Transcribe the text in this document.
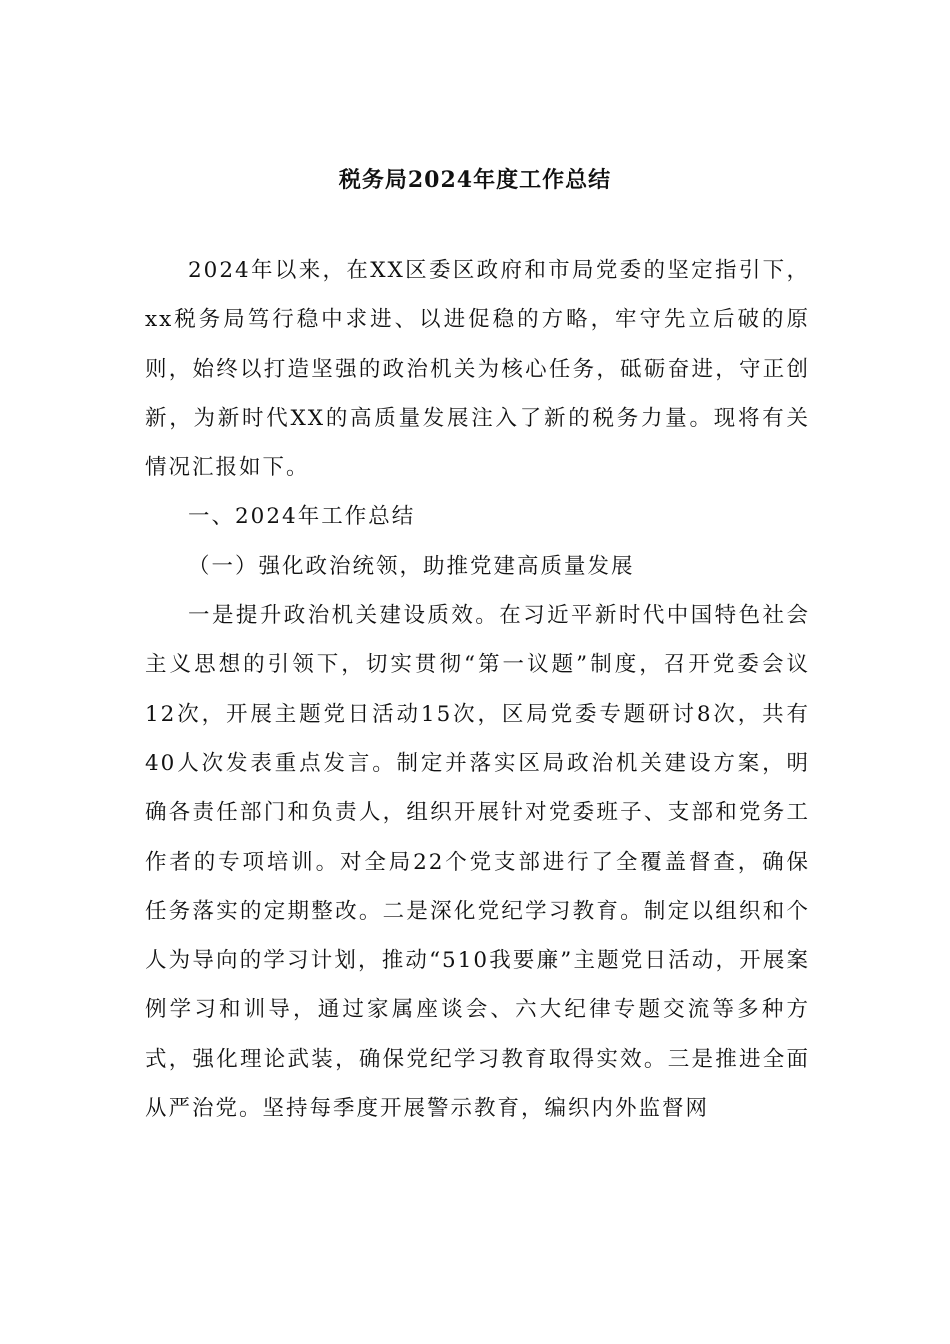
税务局2024年度工作总结

2024年以来，在XX区委区政府和市局党委的坚定指引下，xx税务局笃行稳中求进、以进促稳的方略，牢守先立后破的原则，始终以打造坚强的政治机关为核心任务，砥砺奋进，守正创新，为新时代XX的高质量发展注入了新的税务力量。现将有关情况汇报如下。

一、2024年工作总结

（一）强化政治统领，助推党建高质量发展

一是提升政治机关建设质效。在习近平新时代中国特色社会主义思想的引领下，切实贯彻“第一议题”制度，召开党委会议12次，开展主题党日活动15次，区局党委专题研讨8次，共有40人次发表重点发言。制定并落实区局政治机关建设方案，明确各责任部门和负责人，组织开展针对党委班子、支部和党务工作者的专项培训。对全局22个党支部进行了全覆盖督查，确保任务落实的定期整改。二是深化党纪学习教育。制定以组织和个人为导向的学习计划，推动“510我要廉”主题党日活动，开展案例学习和训导，通过家属座谈会、六大纪律专题交流等多种方式，强化理论武装，确保党纪学习教育取得实效。三是推进全面从严治党。坚持每季度开展警示教育，编织内外监督网
